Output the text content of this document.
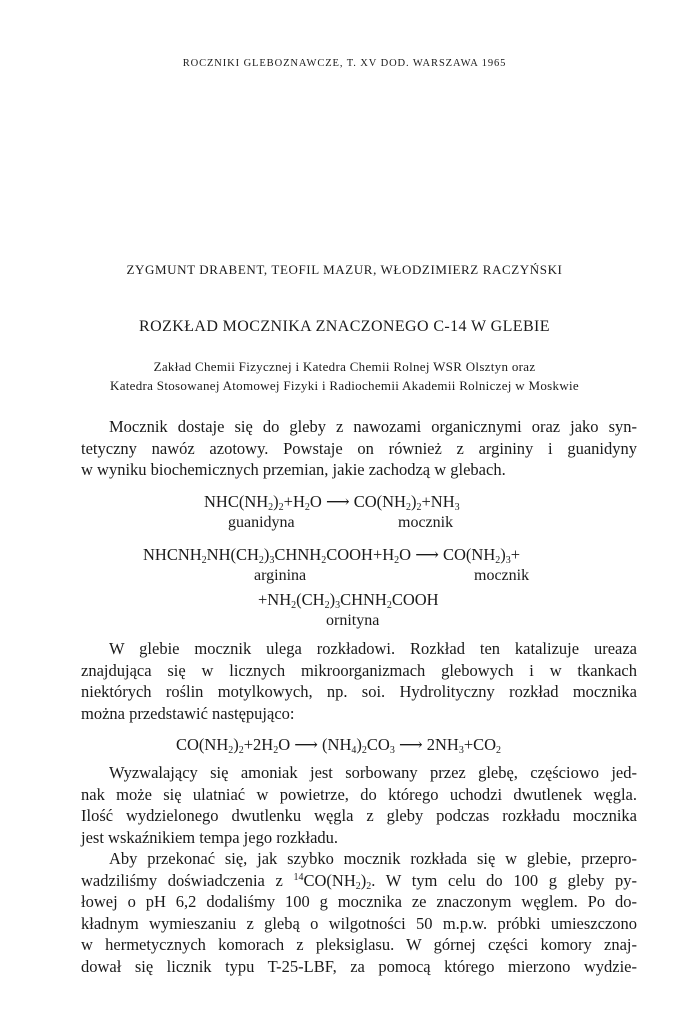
ROCZNIKI GLEBOZNAWCZE, T. XV DOD. WARSZAWA 1965
ZYGMUNT DRABENT, TEOFIL MAZUR, WŁODZIMIERZ RACZYŃSKI
ROZKŁAD MOCZNIKA ZNACZONEGO C-14 W GLEBIE
Zakład Chemii Fizycznej i Katedra Chemii Rolnej WSR Olsztyn oraz
Katedra Stosowanej Atomowej Fizyki i Radiochemii Akademii Rolniczej w Moskwie
Mocznik dostaje się do gleby z nawozami organicznymi oraz jako syn-
tetyczny nawóz azotowy. Powstaje on również z argininy i guanidyny
w wyniku biochemicznych przemian, jakie zachodzą w glebach.
$NHC(NH_2)_2+H_2O$ ⟶ $CO(NH_2)_2+NH_3$
guanidyna	mocznik
$NHCNH_2NH(CH_2)_3CHNH_2COOH+H_2O$ ⟶ $CO(NH_2)_3+$
arginina	mocznik
$+NH_2(CH_2)_3CHNH_2COOH$
ornityna
W glebie mocznik ulega rozkładowi. Rozkład ten katalizuje ureaza
znajdująca się w licznych mikroorganizmach glebowych i w tkankach
niektórych roślin motylkowych, np. soi. Hydrolityczny rozkład mocznika
można przedstawić następująco:
$CO(NH_2)_2+2H_2O$ ⟶ $(NH_4)_2CO_3$ ⟶ $2NH_3+CO_2$
Wyzwalający się amoniak jest sorbowany przez glebę, częściowo jed-
nak może się ulatniać w powietrze, do którego uchodzi dwutlenek węgla.
Ilość wydzielonego dwutlenku węgla z gleby podczas rozkładu mocznika
jest wskaźnikiem tempa jego rozkładu.
Aby przekonać się, jak szybko mocznik rozkłada się w glebie, przepro-
wadziliśmy doświadczenia z $^{14}CO(NH_2)_2$. W tym celu do 100 g gleby py-
łowej o pH 6,2 dodaliśmy 100 g mocznika ze znaczonym węglem. Po do-
kładnym wymieszaniu z glebą o wilgotności 50 m.p.w. próbki umieszczono
w hermetycznych komorach z pleksiglasu. W górnej części komory znaj-
dował się licznik typu T-25-LBF, za pomocą którego mierzono wydzie-
